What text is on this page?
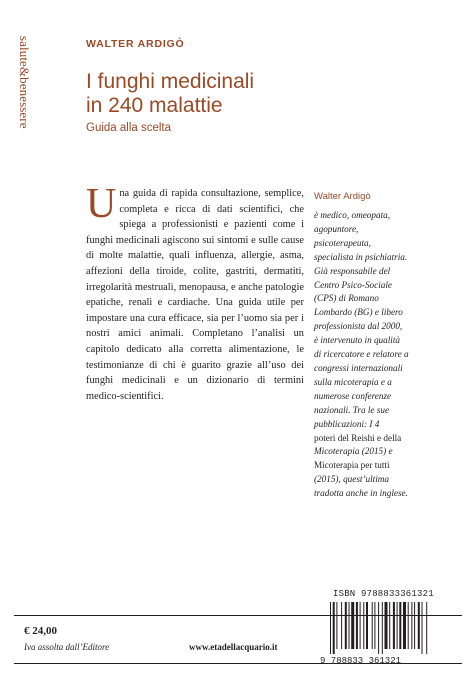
salute&benessere	WALTER ARDIGÒ
I funghi medicinali
in 240 malattie
Guida alla scelta
U na guida di rapida consultazione, semplice, completa e ricca di dati scientifici, che spiega a professionisti e pazienti come i funghi medicinali agiscono sui sintomi e sulle cause di molte malattie, quali influenza, allergie, asma, affezioni della tiroide, colite, gastriti, dermatiti, irregolarità mestruali, menopausa, e anche patologie epatiche, renali e cardiache. Una guida utile per impostare una cura efficace, sia per l’uomo sia per i nostri amici animali. Completano l’analisi un capitolo dedicato alla corretta alimentazione, le testimonianze di chi è guarito grazie all’uso dei funghi medicinali e un dizionario di termini medico-scientifici.

Walter Ardigò
è medico, omeopata,
agopuntore,
psicoterapeuta,
specialista in psichiatria.
Già responsabile del
Centro Psico-Sociale
(CPS) di Romano
Lombardo (BG) e libero
professionista dal 2000,
è intervenuto in qualità
di ricercatore e relatore a
congressi internazionali
sulla micoterapia e a
numerose conferenze
nazionali. Tra le sue
pubblicazioni: I 4
poteri del Reishi e della
Micoterapia (2015) e
Micoterapia per tutti
(2015), quest’ultima
tradotta anche in inglese.
€ 24,00
Iva assolta dall’Editore	www.etadellacquario.it
ISBN 9788833361321
9 788833 361321
